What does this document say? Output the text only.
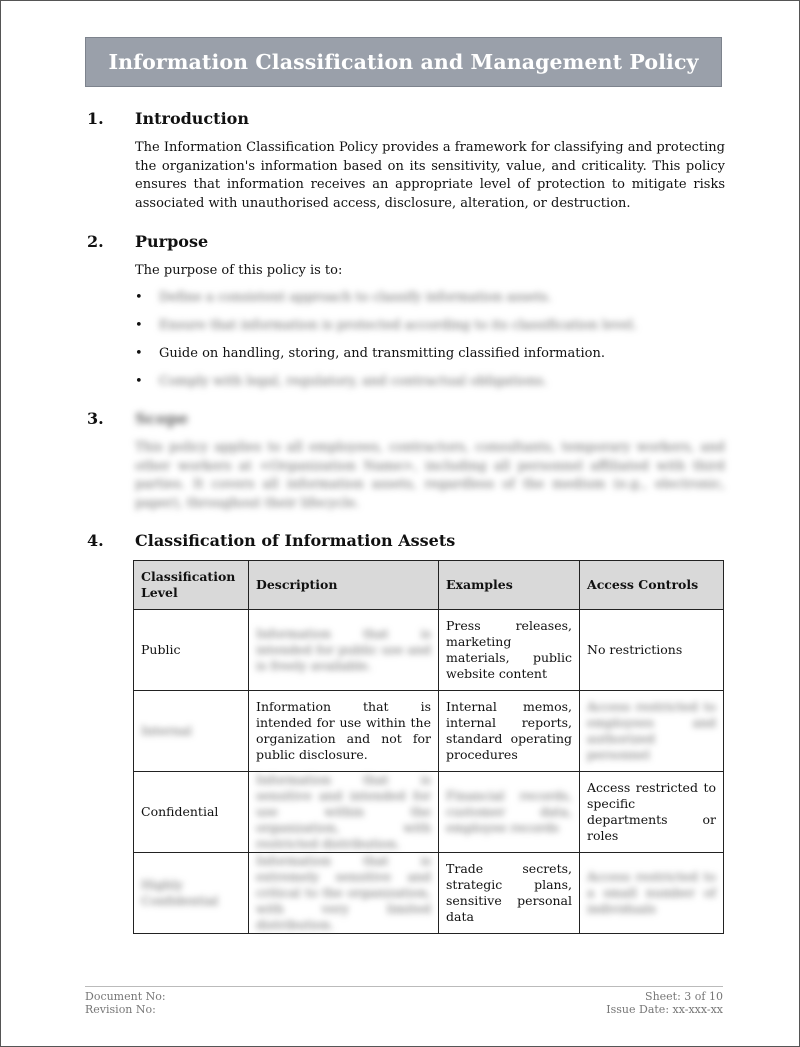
Information Classification and Management Policy
1. Introduction

The Information Classification Policy provides a framework for classifying and protecting the organization's information based on its sensitivity, value, and criticality. This policy ensures that information receives an appropriate level of protection to mitigate risks associated with unauthorised access, disclosure, alteration, or destruction.

2. Purpose

The purpose of this policy is to:

• Define a consistent approach to classify information assets.
• Ensure that information is protected according to its classification level.
• Guide on handling, storing, and transmitting classified information.
• Comply with legal, regulatory, and contractual obligations.
3. Scope

This policy applies to all employees, contractors, consultants, temporary workers, and other workers at <Organization Name>, including all personnel affiliated with third parties. It covers all information assets, regardless of the medium (e.g., electronic, paper), throughout their lifecycle.

4. Classification of Information Assets
Classification Level	Description	Examples	Access Controls
Public	Information that is intended for public use and is freely available.	Press releases, marketing materials, public website content	No restrictions
Internal	Information that is intended for use within the organization and not for public disclosure.	Internal memos, internal reports, standard operating procedures	Access restricted to employees and authorized personnel
Confidential	Information that is sensitive and intended for use within the organization, with restricted distribution.	Financial records, customer data, employee records	Access restricted to specific departments or roles
Highly Confidential	Information that is extremely sensitive and critical to the organization, with very limited distribution.	Trade secrets, strategic plans, sensitive personal data	Access restricted to a small number of individuals
Document No:
Revision No:
Sheet: 3 of 10
Issue Date: xx-xxx-xx
